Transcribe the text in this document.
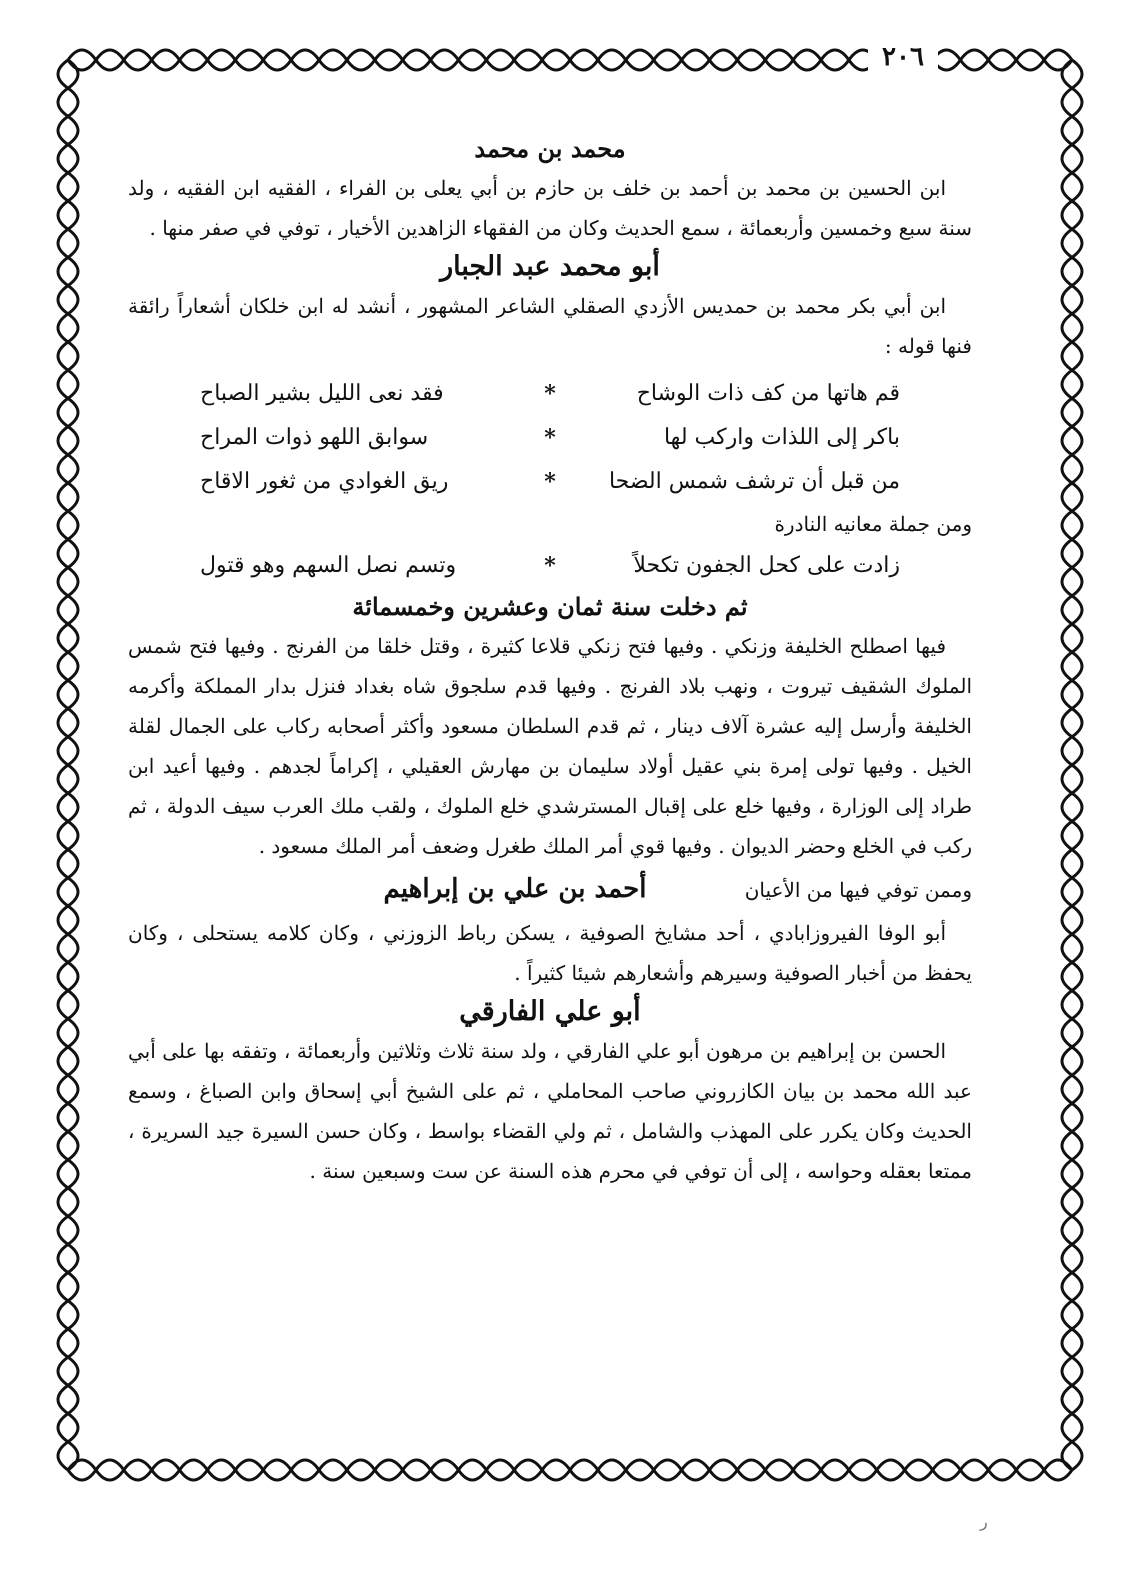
٢٠٦
محمد بن محمد

ابن الحسين بن محمد بن أحمد بن خلف بن حازم بن أبي يعلى بن الفراء ، الفقيه ابن الفقيه ، ولد سنة سبع وخمسين وأربعمائة ، سمع الحديث وكان من الفقهاء الزاهدين الأخيار ، توفي في صفر منها .

أبو محمد عبد الجبار

ابن أبي بكر محمد بن حمديس الأزدي الصقلي الشاعر المشهور ، أنشد له ابن خلكان أشعاراً رائقة فنها قوله :

قم هاتها من كف ذات الوشاح
*
فقد نعى الليل بشير الصباح
باكر إلى اللذات واركب لها
*
سوابق اللهو ذوات المراح
من قبل أن ترشف شمس الضحا
*
ريق الغوادي من ثغور الاقاح

ومن جملة معانيه النادرة

زادت على كحل الجفون تكحلاً
*
وتسم نصل السهم وهو قتول
ثم دخلت سنة ثمان وعشرين وخمسمائة

فيها اصطلح الخليفة وزنكي . وفيها فتح زنكي قلاعا كثيرة ، وقتل خلقا من الفرنج . وفيها فتح شمس الملوك الشقيف تيروت ، ونهب بلاد الفرنج . وفيها قدم سلجوق شاه بغداد فنزل بدار المملكة وأكرمه الخليفة وأرسل إليه عشرة آلاف دينار ، ثم قدم السلطان مسعود وأكثر أصحابه ركاب على الجمال لقلة الخيل . وفيها تولى إمرة بني عقيل أولاد سليمان بن مهارش العقيلي ، إكراماً لجدهم . وفيها أعيد ابن طراد إلى الوزارة ، وفيها خلع على إقبال المسترشدي خلع الملوك ، ولقب ملك العرب سيف الدولة ، ثم ركب في الخلع وحضر الديوان . وفيها قوي أمر الملك طغرل وضعف أمر الملك مسعود .

وممن توفي فيها من الأعيان
أحمد بن علي بن إبراهيم

أبو الوفا الفيروزابادي ، أحد مشايخ الصوفية ، يسكن رباط الزوزني ، وكان كلامه يستحلى ، وكان يحفظ من أخبار الصوفية وسيرهم وأشعارهم شيئا كثيراً .

أبو علي الفارقي

الحسن بن إبراهيم بن مرهون أبو علي الفارقي ، ولد سنة ثلاث وثلاثين وأربعمائة ، وتفقه بها على أبي عبد الله محمد بن بيان الكازروني صاحب المحاملي ، ثم على الشيخ أبي إسحاق وابن الصباغ ، وسمع الحديث وكان يكرر على المهذب والشامل ، ثم ولي القضاء بواسط ، وكان حسن السيرة جيد السريرة ، ممتعا بعقله وحواسه ، إلى أن توفي في محرم هذه السنة عن ست وسبعين سنة .

ر
